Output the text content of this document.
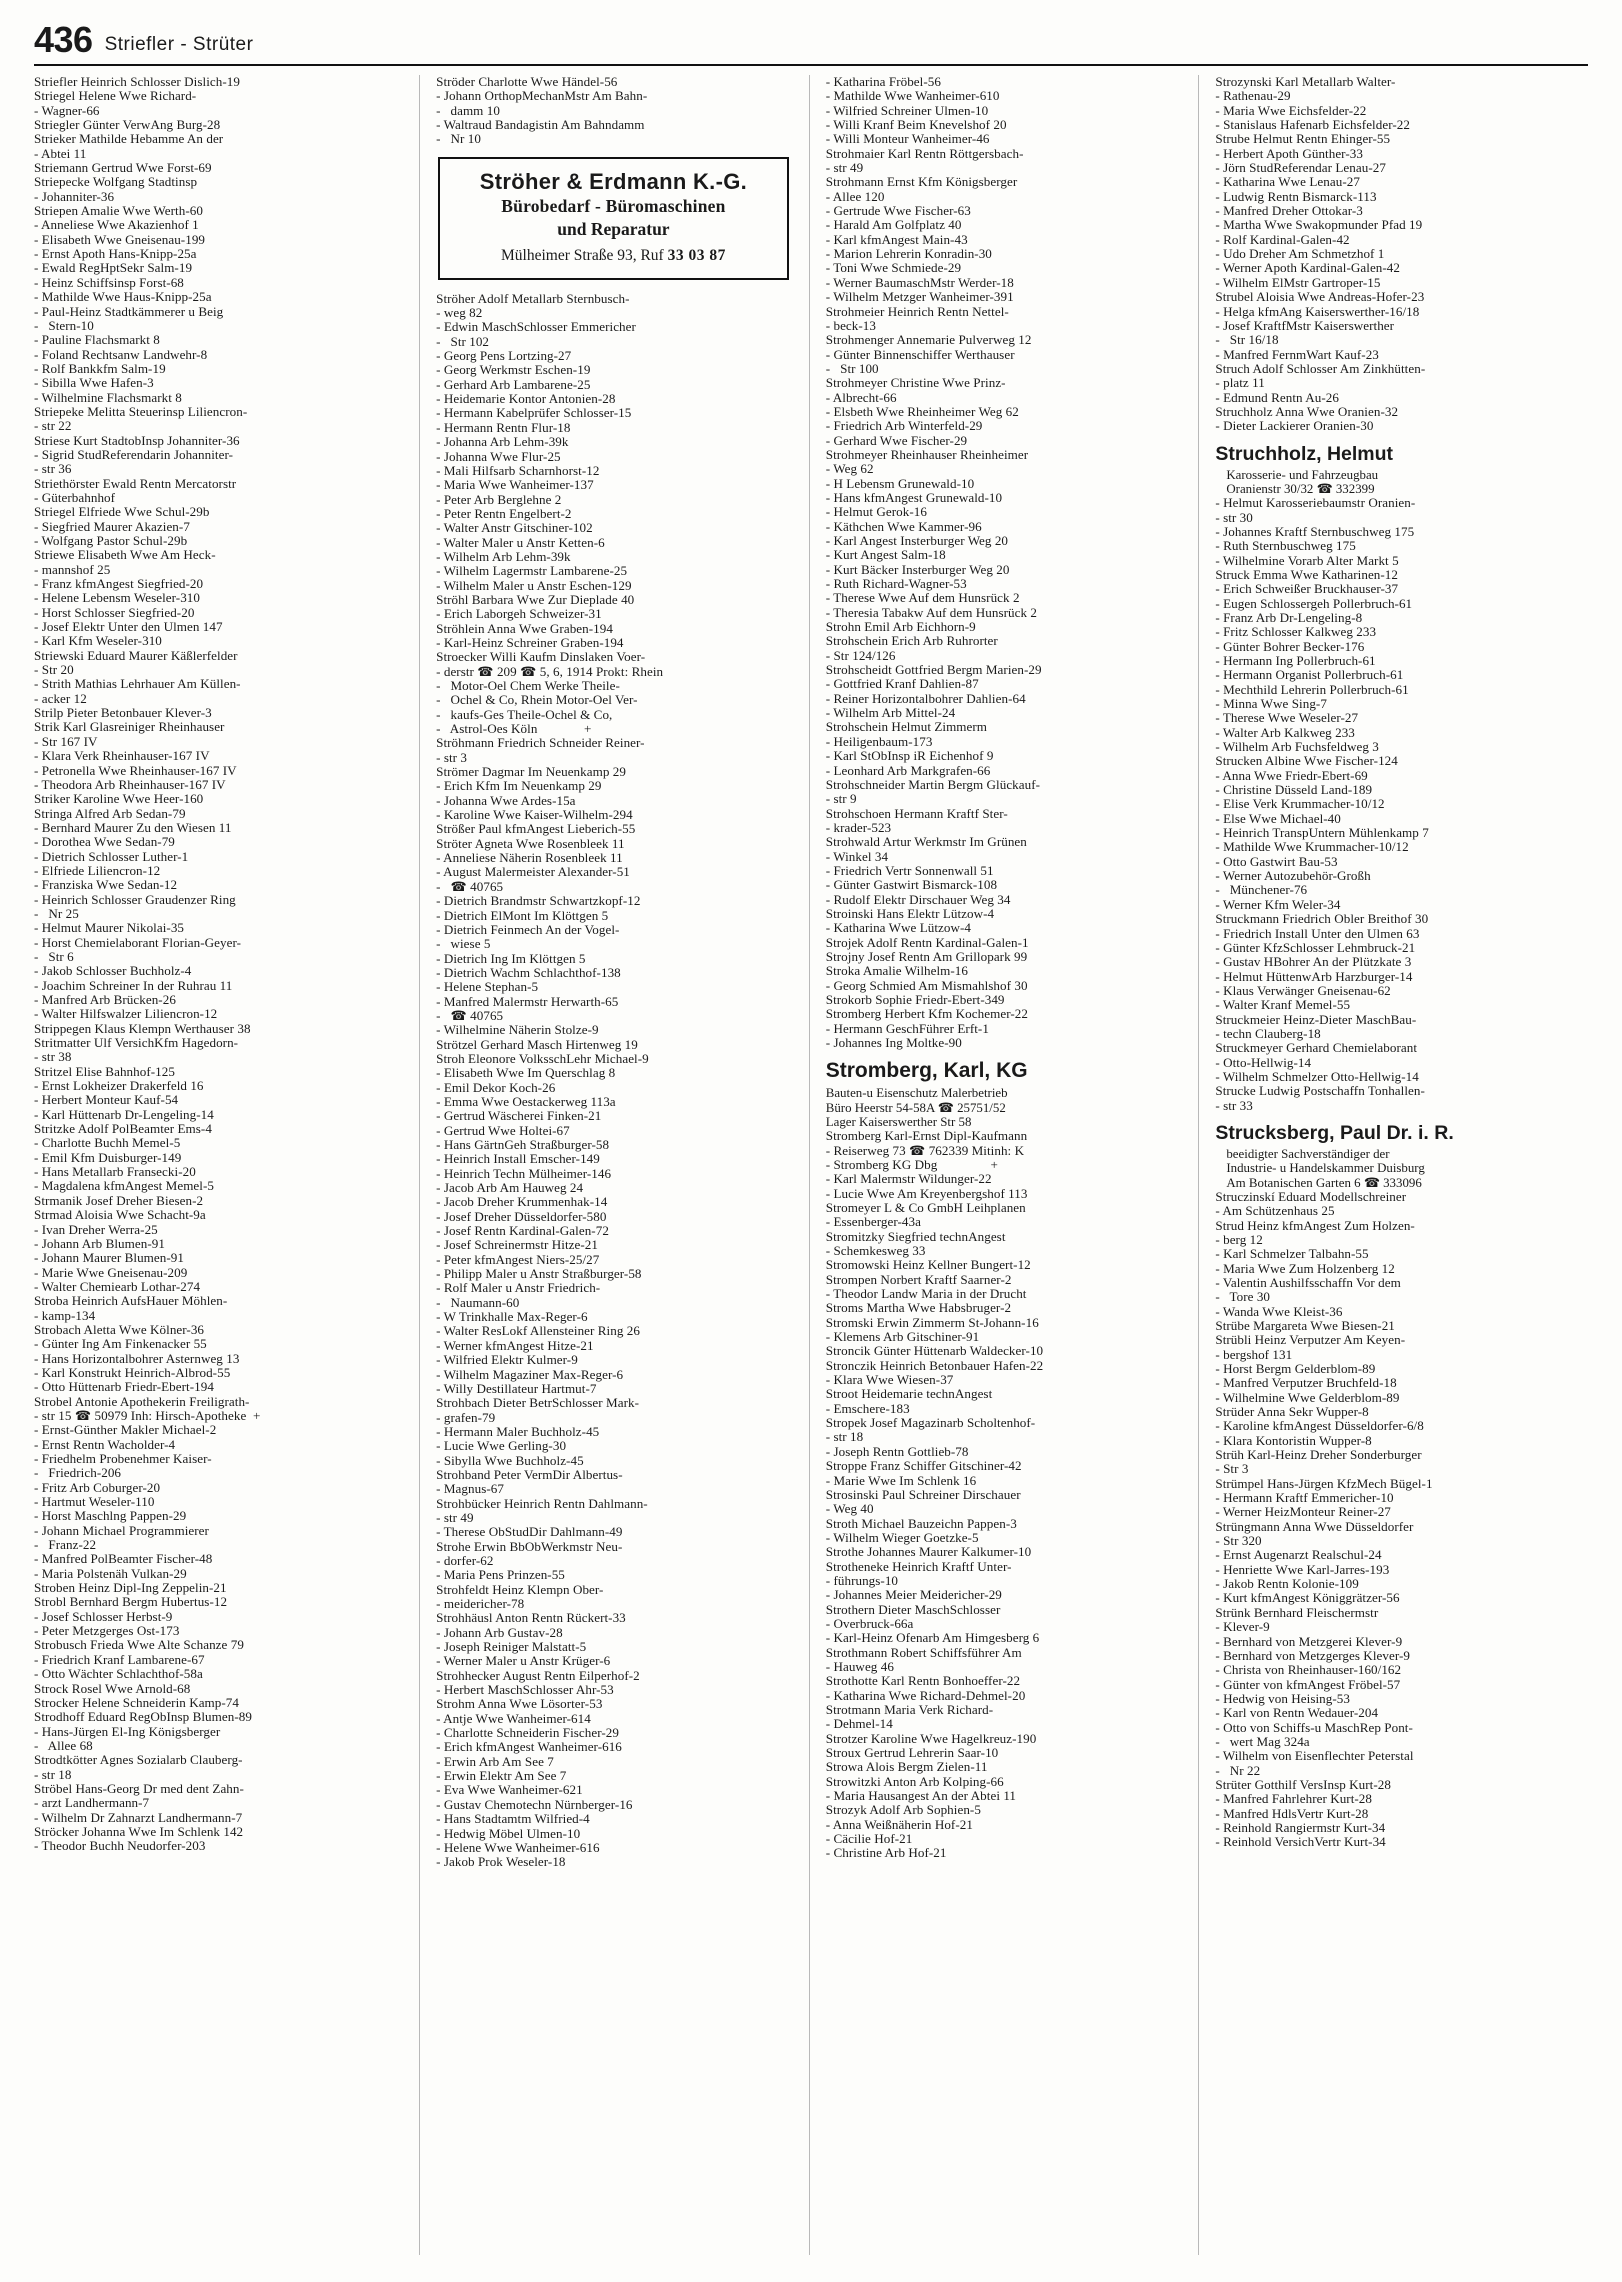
436 Striefler - Strüter
Striefler Heinrich Schlosser Dislich-19
Striegel Helene Wwe Richard-
- Wagner-66
Striegler Günter VerwAng Burg-28
Strieker Mathilde Hebamme An der
- Abtei 11
Striemann Gertrud Wwe Forst-69
Striepecke Wolfgang Stadtinsp
- Johanniter-36
Striepen Amalie Wwe Werth-60
- Anneliese Wwe Akazienhof 1
- Elisabeth Wwe Gneisenau-199
- Ernst Apoth Hans-Knipp-25a
- Ewald RegHptSekr Salm-19
- Heinz Schiffsinsp Forst-68
- Mathilde Wwe Haus-Knipp-25a
- Paul-Heinz Stadtkämmerer u Beig
-   Stern-10
- Pauline Flachsmarkt 8
- Foland Rechtsanw Landwehr-8
- Rolf Bankkfm Salm-19
- Sibilla Wwe Hafen-3
- Wilhelmine Flachsmarkt 8
Striepeke Melitta Steuerinsp Liliencron-
- str 22
Striese Kurt StadtobInsp Johanniter-36
- Sigrid StudReferendarin Johanniter-
- str 36
Striethörster Ewald Rentn Mercatorstr
- Güterbahnhof
Striegel Elfriede Wwe Schul-29b
- Siegfried Maurer Akazien-7
- Wolfgang Pastor Schul-29b
Striewe Elisabeth Wwe Am Heck-
- mannshof 25
- Franz kfmAngest Siegfried-20
- Helene Lebensm Weseler-310
- Horst Schlosser Siegfried-20
- Josef Elektr Unter den Ulmen 147
- Karl Kfm Weseler-310
Striewski Eduard Maurer Käßlerfelder
- Str 20
- Strith Mathias Lehrhauer Am Küllen-
- acker 12
Strilp Pieter Betonbauer Klever-3
Strik Karl Glasreiniger Rheinhauser
- Str 167 IV
- Klara Verk Rheinhauser-167 IV
- Petronella Wwe Rheinhauser-167 IV
- Theodora Arb Rheinhauser-167 IV
Striker Karoline Wwe Heer-160
Stringa Alfred Arb Sedan-79
- Bernhard Maurer Zu den Wiesen 11
- Dorothea Wwe Sedan-79
- Dietrich Schlosser Luther-1
- Elfriede Liliencron-12
- Franziska Wwe Sedan-12
- Heinrich Schlosser Graudenzer Ring
-   Nr 25
- Helmut Maurer Nikolai-35
- Horst Chemielaborant Florian-Geyer-
-   Str 6
- Jakob Schlosser Buchholz-4
- Joachim Schreiner In der Ruhrau 11
- Manfred Arb Brücken-26
- Walter Hilfswalzer Liliencron-12
Strippegen Klaus Klempn Werthauser 38
Stritmatter Ulf VersichKfm Hagedorn-
- str 38
Stritzel Elise Bahnhof-125
- Ernst Lokheizer Drakerfeld 16
- Herbert Monteur Kauf-54
- Karl Hüttenarb Dr-Lengeling-14
Stritzke Adolf PolBeamter Ems-4
- Charlotte Buchh Memel-5
- Emil Kfm Duisburger-149
- Hans Metallarb Fransecki-20
- Magdalena kfmAngest Memel-5
Strmanik Josef Dreher Biesen-2
Strmad Aloisia Wwe Schacht-9a
- Ivan Dreher Werra-25
- Johann Arb Blumen-91
- Johann Maurer Blumen-91
- Marie Wwe Gneisenau-209
- Walter Chemiearb Lothar-274
Stroba Heinrich AufsHauer Möhlen-
- kamp-134
Strobach Aletta Wwe Kölner-36
- Günter Ing Am Finkenacker 55
- Hans Horizontalbohrer Asternweg 13
- Karl Konstrukt Heinrich-Albrod-55
- Otto Hüttenarb Friedr-Ebert-194
Strobel Antonie Apothekerin Freiligrath-
- str 15 ☎ 50979 Inh: Hirsch-Apotheke  +
- Ernst-Günther Makler Michael-2
- Ernst Rentn Wacholder-4
- Friedhelm Probenehmer Kaiser-
-   Friedrich-206
- Fritz Arb Coburger-20
- Hartmut Weseler-110
- Horst Maschlng Pappen-29
- Johann Michael Programmierer
-   Franz-22
- Manfred PolBeamter Fischer-48
- Maria Polstenäh Vulkan-29
Stroben Heinz Dipl-Ing Zeppelin-21
Strobl Bernhard Bergm Hubertus-12
- Josef Schlosser Herbst-9
- Peter Metzgerges Ost-173
Strobusch Frieda Wwe Alte Schanze 79
- Friedrich Kranf Lambarene-67
- Otto Wächter Schlachthof-58a
Strock Rosel Wwe Arnold-68
Strocker Helene Schneiderin Kamp-74
Strodhoff Eduard RegObInsp Blumen-89
- Hans-Jürgen El-Ing Königsberger
-   Allee 68
Strodtkötter Agnes Sozialarb Clauberg-
- str 18
Ströbel Hans-Georg Dr med dent Zahn-
- arzt Landhermann-7
- Wilhelm Dr Zahnarzt Landhermann-7
Ströcker Johanna Wwe Im Schlenk 142
- Theodor Buchh Neudorfer-203
Ströder Charlotte Wwe Händel-56
- Johann OrthopMechanMstr Am Bahn-
-   damm 10
- Waltraud Bandagistin Am Bahndamm
-   Nr 10
Ströher & Erdmann K.-G.
Bürobedarf - Büromaschinen
und Reparatur
Mülheimer Straße 93, Ruf 33 03 87
Ströher Adolf Metallarb Sternbusch-
- weg 82
- Edwin MaschSchlosser Emmericher
-   Str 102
- Georg Pens Lortzing-27
- Georg Werkmstr Eschen-19
- Gerhard Arb Lambarene-25
- Heidemarie Kontor Antonien-28
- Hermann Kabelprüfer Schlosser-15
- Hermann Rentn Flur-18
- Johanna Arb Lehm-39k
- Johanna Wwe Flur-25
- Mali Hilfsarb Scharnhorst-12
- Maria Wwe Wanheimer-137
- Peter Arb Berglehne 2
- Peter Rentn Engelbert-2
- Walter Anstr Gitschiner-102
- Walter Maler u Anstr Ketten-6
- Wilhelm Arb Lehm-39k
- Wilhelm Lagermstr Lambarene-25
- Wilhelm Maler u Anstr Eschen-129
Ströhl Barbara Wwe Zur Dieplade 40
- Erich Laborgeh Schweizer-31
Ströhlein Anna Wwe Graben-194
- Karl-Heinz Schreiner Graben-194
Stroecker Willi Kaufm Dinslaken Voer-
- derstr ☎ 209 ☎ 5, 6, 1914 Prokt: Rhein
-   Motor-Oel Chem Werke Theile-
-   Ochel & Co, Rhein Motor-Oel Ver-
-   kaufs-Ges Theile-Ochel & Co,
-   Astrol-Oes Köln              +
Ströhmann Friedrich Schneider Reiner-
- str 3
Strömer Dagmar Im Neuenkamp 29
- Erich Kfm Im Neuenkamp 29
- Johanna Wwe Ardes-15a
- Karoline Wwe Kaiser-Wilhelm-294
Strößer Paul kfmAngest Lieberich-55
Ströter Agneta Wwe Rosenbleek 11
- Anneliese Näherin Rosenbleek 11
- August Malermeister Alexander-51
-   ☎ 40765
- Dietrich Brandmstr Schwartzkopf-12
- Dietrich ElMont Im Klöttgen 5
- Dietrich Feinmech An der Vogel-
-   wiese 5
- Dietrich Ing Im Klöttgen 5
- Dietrich Wachm Schlachthof-138
- Helene Stephan-5
- Manfred Malermstr Herwarth-65
-   ☎ 40765
- Wilhelmine Näherin Stolze-9
Strötzel Gerhard Masch Hirtenweg 19
Stroh Eleonore VolksschLehr Michael-9
- Elisabeth Wwe Im Querschlag 8
- Emil Dekor Koch-26
- Emma Wwe Oestackerweg 113a
- Gertrud Wäscherei Finken-21
- Gertrud Wwe Holtei-67
- Hans GärtnGeh Straßburger-58
- Heinrich Install Emscher-149
- Heinrich Techn Mülheimer-146
- Jacob Arb Am Hauweg 24
- Jacob Dreher Krummenhak-14
- Josef Dreher Düsseldorfer-580
- Josef Rentn Kardinal-Galen-72
- Josef Schreinermstr Hitze-21
- Peter kfmAngest Niers-25/27
- Philipp Maler u Anstr Straßburger-58
- Rolf Maler u Anstr Friedrich-
-   Naumann-60
- W Trinkhalle Max-Reger-6
- Walter ResLokf Allensteiner Ring 26
- Werner kfmAngest Hitze-21
- Wilfried Elektr Kulmer-9
- Wilhelm Magaziner Max-Reger-6
- Willy Destillateur Hartmut-7
Strohbach Dieter BetrSchlosser Mark-
- grafen-79
- Hermann Maler Buchholz-45
- Lucie Wwe Gerling-30
- Sibylla Wwe Buchholz-45
Strohband Peter VermDir Albertus-
- Magnus-67
Strohbücker Heinrich Rentn Dahlmann-
- str 49
- Therese ObStudDir Dahlmann-49
Strohe Erwin BbObWerkmstr Neu-
- dorfer-62
- Maria Pens Prinzen-55
Strohfeldt Heinz Klempn Ober-
- meidericher-78
Strohhäusl Anton Rentn Rückert-33
- Johann Arb Gustav-28
- Joseph Reiniger Malstatt-5
- Werner Maler u Anstr Krüger-6
Strohhecker August Rentn Eilperhof-2
- Herbert MaschSchlosser Ahr-53
Strohm Anna Wwe Lösorter-53
- Antje Wwe Wanheimer-614
- Charlotte Schneiderin Fischer-29
- Erich kfmAngest Wanheimer-616
- Erwin Arb Am See 7
- Erwin Elektr Am See 7
- Eva Wwe Wanheimer-621
- Gustav Chemotechn Nürnberger-16
- Hans Stadtamtm Wilfried-4
- Hedwig Möbel Ulmen-10
- Helene Wwe Wanheimer-616
- Jakob Prok Weseler-18
- Katharina Fröbel-56
- Mathilde Wwe Wanheimer-610
- Wilfried Schreiner Ulmen-10
- Willi Kranf Beim Knevelshof 20
- Willi Monteur Wanheimer-46
Strohmaier Karl Rentn Röttgersbach-
- str 49
Strohmann Ernst Kfm Königsberger
- Allee 120
- Gertrude Wwe Fischer-63
- Harald Am Golfplatz 40
- Karl kfmAngest Main-43
- Marion Lehrerin Konradin-30
- Toni Wwe Schmiede-29
- Werner BaumaschMstr Werder-18
- Wilhelm Metzger Wanheimer-391
Strohmeier Heinrich Rentn Nettel-
- beck-13
Strohmenger Annemarie Pulverweg 12
- Günter Binnenschiffer Werthauser
-   Str 100
Strohmeyer Christine Wwe Prinz-
- Albrecht-66
- Elsbeth Wwe Rheinheimer Weg 62
- Friedrich Arb Winterfeld-29
- Gerhard Wwe Fischer-29
Strohmeyer Rheinhauser Rheinheimer
- Weg 62
- H Lebensm Grunewald-10
- Hans kfmAngest Grunewald-10
- Helmut Gerok-16
- Käthchen Wwe Kammer-96
- Karl Angest Insterburger Weg 20
- Kurt Angest Salm-18
- Kurt Bäcker Insterburger Weg 20
- Ruth Richard-Wagner-53
- Therese Wwe Auf dem Hunsrück 2
- Theresia Tabakw Auf dem Hunsrück 2
Strohn Emil Arb Eichhorn-9
Strohschein Erich Arb Ruhrorter
- Str 124/126
Strohscheidt Gottfried Bergm Marien-29
- Gottfried Kranf Dahlien-87
- Reiner Horizontalbohrer Dahlien-64
- Wilhelm Arb Mittel-24
Strohschein Helmut Zimmerm
- Heiligenbaum-173
- Karl StObInsp iR Eichenhof 9
- Leonhard Arb Markgrafen-66
Strohschneider Martin Bergm Glückauf-
- str 9
Strohschoen Hermann Kraftf Ster-
- krader-523
Strohwald Artur Werkmstr Im Grünen
- Winkel 34
- Friedrich Vertr Sonnenwall 51
- Günter Gastwirt Bismarck-108
- Rudolf Elektr Dirschauer Weg 34
Stroinski Hans Elektr Lützow-4
- Katharina Wwe Lützow-4
Strojek Adolf Rentn Kardinal-Galen-1
Strojny Josef Rentn Am Grillopark 99
Stroka Amalie Wilhelm-16
- Georg Schmied Am Mismahlshof 30
Strokorb Sophie Friedr-Ebert-349
Stromberg Herbert Kfm Kochemer-22
- Hermann GeschFührer Erft-1
- Johannes Ing Moltke-90
Stromberg, Karl, KG
Bauten-u Eisenschutz Malerbetrieb
Büro Heerstr 54-58A ☎ 25751/52
Lager Kaiserswerther Str 58
Stromberg Karl-Ernst Dipl-Kaufmann
- Reiserweg 73 ☎ 762339 Mitinh: K
- Stromberg KG Dbg                +
- Karl Malermstr Wildunger-22
- Lucie Wwe Am Kreyenbergshof 113
Stromeyer L & Co GmbH Leihplanen
- Essenberger-43a
Stromitzky Siegfried technAngest
- Schemkesweg 33
Stromowski Heinz Kellner Bungert-12
Strompen Norbert Kraftf Saarner-2
- Theodor Landw Maria in der Drucht
Stroms Martha Wwe Habsbruger-2
Stromski Erwin Zimmerm St-Johann-16
- Klemens Arb Gitschiner-91
Stroncik Günter Hüttenarb Waldecker-10
Stronczik Heinrich Betonbauer Hafen-22
- Klara Wwe Wiesen-37
Stroot Heidemarie technAngest
- Emschere-183
Stropek Josef Magazinarb Scholtenhof-
- str 18
- Joseph Rentn Gottlieb-78
Stroppe Franz Schiffer Gitschiner-42
- Marie Wwe Im Schlenk 16
Strosinski Paul Schreiner Dirschauer
- Weg 40
Stroth Michael Bauzeichn Pappen-3
- Wilhelm Wieger Goetzke-5
Strothe Johannes Maurer Kalkumer-10
Strotheneke Heinrich Kraftf Unter-
- führungs-10
- Johannes Meier Meidericher-29
Strothern Dieter MaschSchlosser
- Overbruck-66a
- Karl-Heinz Ofenarb Am Himgesberg 6
Strothmann Robert Schiffsführer Am
- Hauweg 46
Strothotte Karl Rentn Bonhoeffer-22
- Katharina Wwe Richard-Dehmel-20
Strotmann Maria Verk Richard-
- Dehmel-14
Strotzer Karoline Wwe Hagelkreuz-190
Stroux Gertrud Lehrerin Saar-10
Strowa Alois Bergm Zielen-11
Strowitzki Anton Arb Kolping-66
- Maria Hausangest An der Abtei 11
Strozyk Adolf Arb Sophien-5
- Anna Weißnäherin Hof-21
- Cäcilie Hof-21
- Christine Arb Hof-21
Strozynski Karl Metallarb Walter-
- Rathenau-29
- Maria Wwe Eichsfelder-22
- Stanislaus Hafenarb Eichsfelder-22
Strube Helmut Rentn Ehinger-55
- Herbert Apoth Günther-33
- Jörn StudReferendar Lenau-27
- Katharina Wwe Lenau-27
- Ludwig Rentn Bismarck-113
- Manfred Dreher Ottokar-3
- Martha Wwe Swakopmunder Pfad 19
- Rolf Kardinal-Galen-42
- Udo Dreher Am Schmetzhof 1
- Werner Apoth Kardinal-Galen-42
- Wilhelm ElMstr Gartroper-15
Strubel Aloisia Wwe Andreas-Hofer-23
- Helga kfmAng Kaiserswerther-16/18
- Josef KraftfMstr Kaiserswerther
-   Str 16/18
- Manfred FernmWart Kauf-23
Struch Adolf Schlosser Am Zinkhütten-
- platz 11
- Edmund Rentn Au-26
Struchholz Anna Wwe Oranien-32
- Dieter Lackierer Oranien-30
Struchholz, Helmut
Karosserie- und Fahrzeugbau
Oranienstr 30/32 ☎ 332399
- Helmut Karosseriebaumstr Oranien-
- str 30
- Johannes Kraftf Sternbuschweg 175
- Ruth Sternbuschweg 175
- Wilhelmine Vorarb Alter Markt 5
Struck Emma Wwe Katharinen-12
- Erich Schweißer Bruckhauser-37
- Eugen Schlossergeh Pollerbruch-61
- Franz Arb Dr-Lengeling-8
- Fritz Schlosser Kalkweg 233
- Günter Bohrer Becker-176
- Hermann Ing Pollerbruch-61
- Hermann Organist Pollerbruch-61
- Mechthild Lehrerin Pollerbruch-61
- Minna Wwe Sing-7
- Therese Wwe Weseler-27
- Walter Arb Kalkweg 233
- Wilhelm Arb Fuchsfeldweg 3
Strucken Albine Wwe Fischer-124
- Anna Wwe Friedr-Ebert-69
- Christine Düsseld Land-189
- Elise Verk Krummacher-10/12
- Else Wwe Michael-40
- Heinrich TranspUntern Mühlenkamp 7
- Mathilde Wwe Krummacher-10/12
- Otto Gastwirt Bau-53
- Werner Autozubehör-Großh
-   Münchener-76
- Werner Kfm Weler-34
Struckmann Friedrich Obler Breithof 30
- Friedrich Install Unter den Ulmen 63
- Günter KfzSchlosser Lehmbruck-21
- Gustav HBohrer An der Plützkate 3
- Helmut HüttenwArb Harzburger-14
- Klaus Verwänger Gneisenau-62
- Walter Kranf Memel-55
Struckmeier Heinz-Dieter MaschBau-
- techn Clauberg-18
Struckmeyer Gerhard Chemielaborant
- Otto-Hellwig-14
- Wilhelm Schmelzer Otto-Hellwig-14
Strucke Ludwig Postschaffn Tonhallen-
- str 33
Strucksberg, Paul Dr. i. R.
beeidigter Sachverständiger der
Industrie- u Handelskammer Duisburg
Am Botanischen Garten 6 ☎ 333096
Struczinskí Eduard Modellschreiner
- Am Schützenhaus 25
Strud Heinz kfmAngest Zum Holzen-
- berg 12
- Karl Schmelzer Talbahn-55
- Maria Wwe Zum Holzenberg 12
- Valentin Aushilfsschaffn Vor dem
-   Tore 30
- Wanda Wwe Kleist-36
Strübe Margareta Wwe Biesen-21
Strübli Heinz Verputzer Am Keyen-
- bergshof 131
- Horst Bergm Gelderblom-89
- Manfred Verputzer Bruchfeld-18
- Wilhelmine Wwe Gelderblom-89
Strüder Anna Sekr Wupper-8
- Karoline kfmAngest Düsseldorfer-6/8
- Klara Kontoristin Wupper-8
Strüh Karl-Heinz Dreher Sonderburger
- Str 3
Strümpel Hans-Jürgen KfzMech Bügel-1
- Hermann Kraftf Emmericher-10
- Werner HeizMonteur Reiner-27
Strüngmann Anna Wwe Düsseldorfer
- Str 320
- Ernst Augenarzt Realschul-24
- Henriette Wwe Karl-Jarres-193
- Jakob Rentn Kolonie-109
- Kurt kfmAngest Königgrätzer-56
Strünk Bernhard Fleischermstr
- Klever-9
- Bernhard von Metzgerei Klever-9
- Bernhard von Metzgerges Klever-9
- Christa von Rheinhauser-160/162
- Günter von kfmAngest Fröbel-57
- Hedwig von Heising-53
- Karl von Rentn Wedauer-204
- Otto von Schiffs-u MaschRep Pont-
-   wert Mag 324a
- Wilhelm von Eisenflechter Peterstal
-   Nr 22
Strüter Gotthilf VersInsp Kurt-28
- Manfred Fahrlehrer Kurt-28
- Manfred HdlsVertr Kurt-28
- Reinhold Rangiermstr Kurt-34
- Reinhold VersichVertr Kurt-34
